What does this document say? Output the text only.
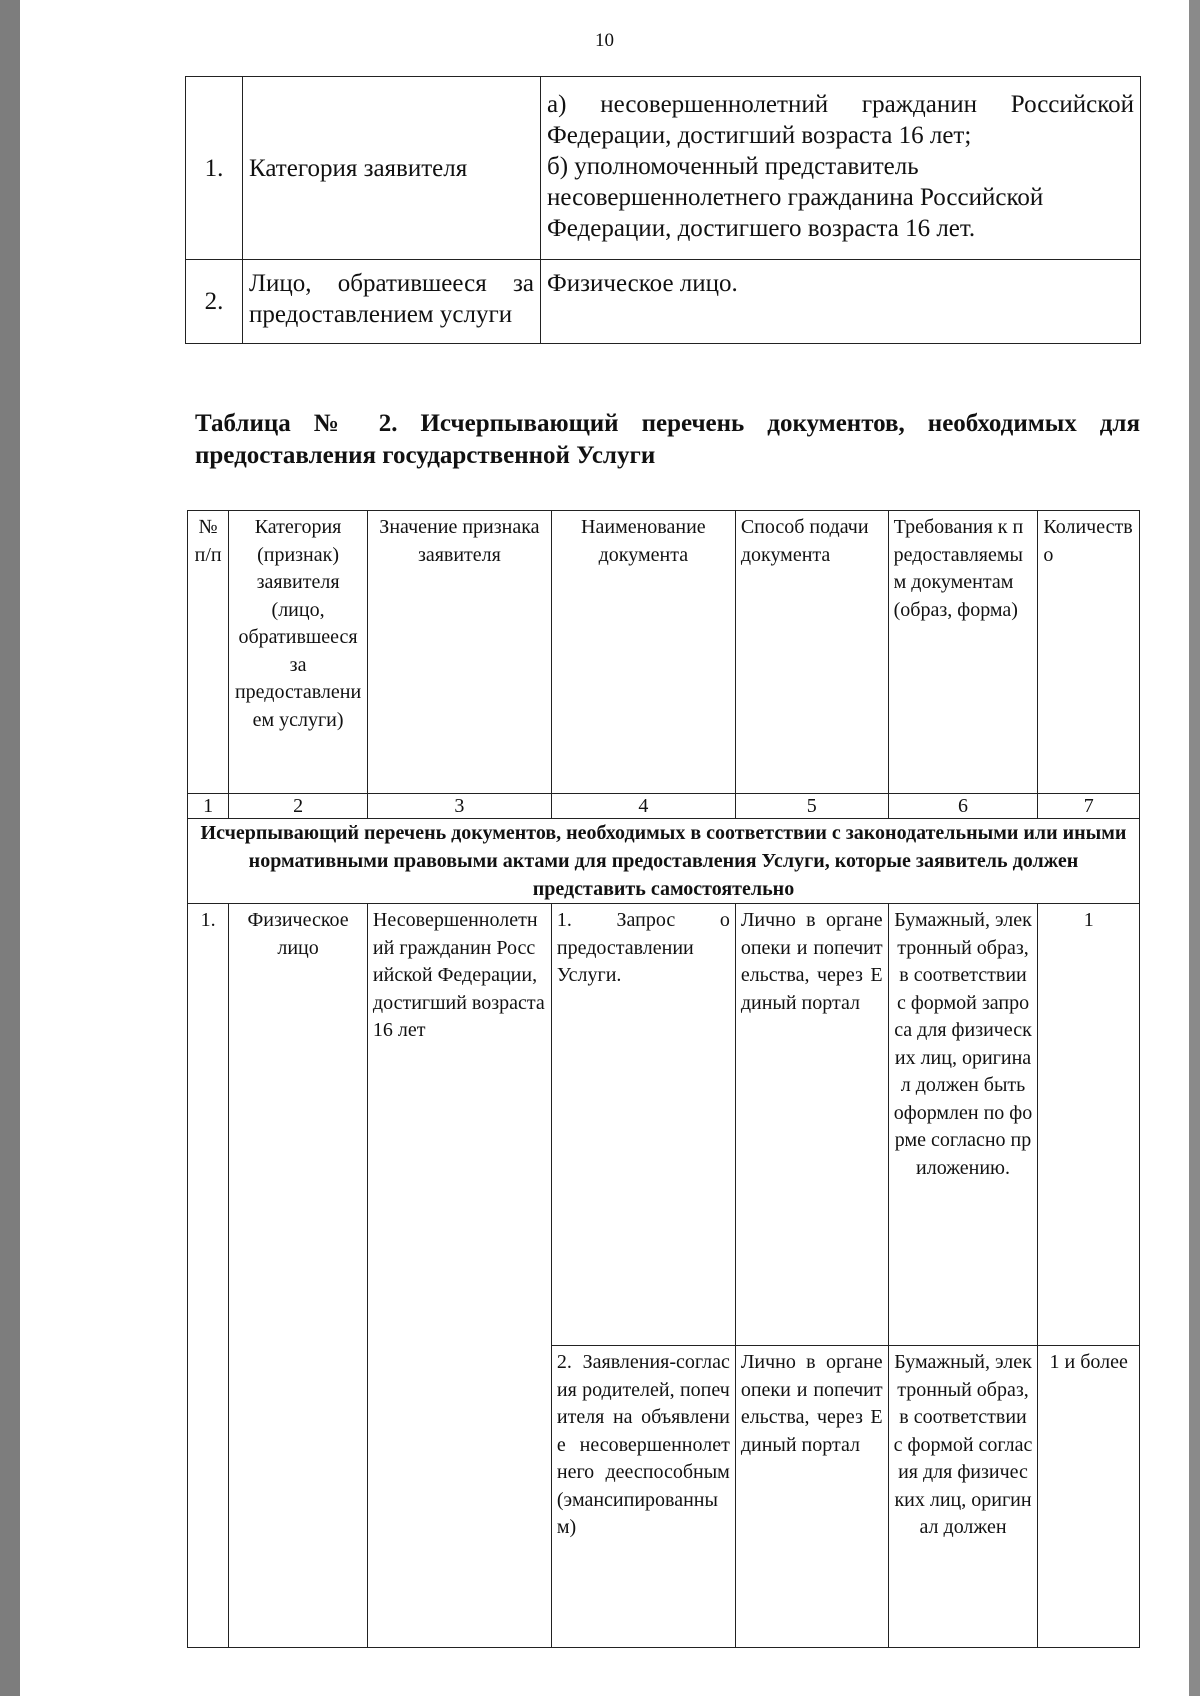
10
1.	Категория заявителя	а) несовершеннолетний гражданин Российской
Федерации, достигший возраста 16 лет;
б) уполномоченный представитель
несовершеннолетнего гражданина Российской
Федерации, достигшего возраста 16 лет.

2.	Лицо, обратившееся за предоставлением услуги	Физическое лицо.
Таблица № 2. Исчерпывающий перечень документов, необходимых для предоставления государственной Услуги
№ п/п	Категория (признак) заявителя (лицо, обратившееся за предоставлением услуги)	Значение признака заявителя	Наименование документа	Способ подачи документа	Требования к предоставляемым документам (образ, форма)	Количество
1	2	3	4	5	6	7
Исчерпывающий перечень документов, необходимых в соответствии с законодательными или иными нормативными правовыми актами для предоставления Услуги, которые заявитель должен представить самостоятельно						
1.	Физическое лицо	Несовершеннолетний гражданин Российской Федерации, достигший возраста 16 лет	1. Запрос о предоставлении Услуги.	Лично в органе опеки и попечительства, через Единый портал	Бумажный, электронный образ, в соответствии с формой запроса для физических лиц, оригинал должен быть оформлен по форме согласно приложению.	1
			2. Заявления-согласия родителей, попечителя на объявление несовершеннолетнего дееспособным (эмансипированным)	Лично в органе опеки и попечительства, через Единый портал	Бумажный, электронный образ, в соответствии с формой согласия для физических лиц, оригинал должен	1 и более
